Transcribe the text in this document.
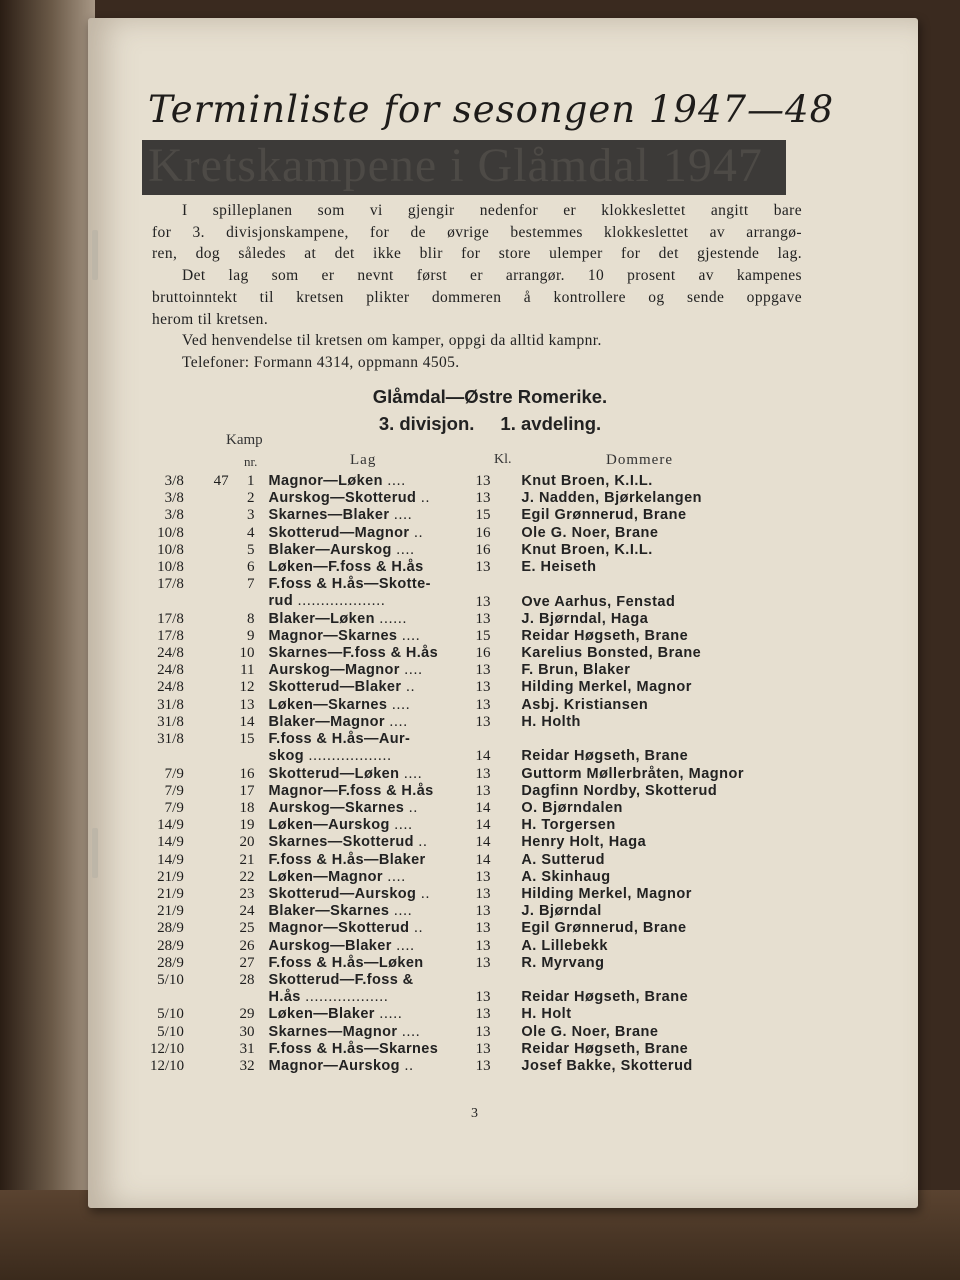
Terminliste for sesongen 1947—48
Kretskampene i Glåmdal 1947

I spilleplanen som vi gjengir nedenfor er klokkeslettet angitt bare

for 3. divisjonskampene, for de øvrige bestemmes klokkeslettet av arrangø-

ren, dog således at det ikke blir for store ulemper for det gjestende lag.

Det lag som er nevnt først er arrangør. 10 prosent av kampenes

bruttoinntekt til kretsen plikter dommeren å kontrollere og sende oppgave

herom til kretsen.

Ved henvendelse til kretsen om kamper, oppgi da alltid kampnr.

Telefoner: Formann 4314, oppmann 4505.

Glåmdal—Østre Romerike.
3. divisjon. 1. avdeling.
Kamp
nr.	Lag	Kl.	Dommere
3/8	47	1 Magnor—Løken ....	13	Knut Broen, K.I.L.
3/8	2 Aurskog—Skotterud ..	13	J. Nadden, Bjørkelangen
3/8	3 Skarnes—Blaker ....	15	Egil Grønnerud, Brane
10/8	4 Skotterud—Magnor ..	16	Ole G. Noer, Brane
10/8	5 Blaker—Aurskog ....	16	Knut Broen, K.I.L.
10/8	6 Løken—F.foss & H.ås	13	E. Heiseth
17/8	7 F.foss & H.ås—Skotte-
rud ...................	13	Ove Aarhus, Fenstad
17/8	8 Blaker—Løken ......	13	J. Bjørndal, Haga
17/8	9 Magnor—Skarnes ....	15	Reidar Høgseth, Brane
24/8	10 Skarnes—F.foss & H.ås	16	Karelius Bonsted, Brane
24/8	11 Aurskog—Magnor ....	13	F. Brun, Blaker
24/8	12 Skotterud—Blaker ..	13	Hilding Merkel, Magnor
31/8	13 Løken—Skarnes ....	13	Asbj. Kristiansen
31/8	14 Blaker—Magnor ....	13	H. Holth
31/8	15 F.foss & H.ås—Aur-
skog ..................	14	Reidar Høgseth, Brane
7/9	16 Skotterud—Løken ....	13	Guttorm Møllerbråten, Magnor
7/9	17 Magnor—F.foss & H.ås	13	Dagfinn Nordby, Skotterud
7/9	18 Aurskog—Skarnes ..	14	O. Bjørndalen
14/9	19 Løken—Aurskog ....	14	H. Torgersen
14/9	20 Skarnes—Skotterud ..	14	Henry Holt, Haga
14/9	21 F.foss & H.ås—Blaker	14	A. Sutterud
21/9	22 Løken—Magnor ....	13	A. Skinhaug
21/9	23 Skotterud—Aurskog ..	13	Hilding Merkel, Magnor
21/9	24 Blaker—Skarnes ....	13	J. Bjørndal
28/9	25 Magnor—Skotterud ..	13	Egil Grønnerud, Brane
28/9	26 Aurskog—Blaker ....	13	A. Lillebekk
28/9	27 F.foss & H.ås—Løken	13	R. Myrvang
5/10	28 Skotterud—F.foss &
H.ås ..................	13	Reidar Høgseth, Brane
5/10	29 Løken—Blaker .....	13	H. Holt
5/10	30 Skarnes—Magnor ....	13	Ole G. Noer, Brane
12/10	31 F.foss & H.ås—Skarnes	13	Reidar Høgseth, Brane
12/10	32 Magnor—Aurskog ..	13	Josef Bakke, Skotterud
3
